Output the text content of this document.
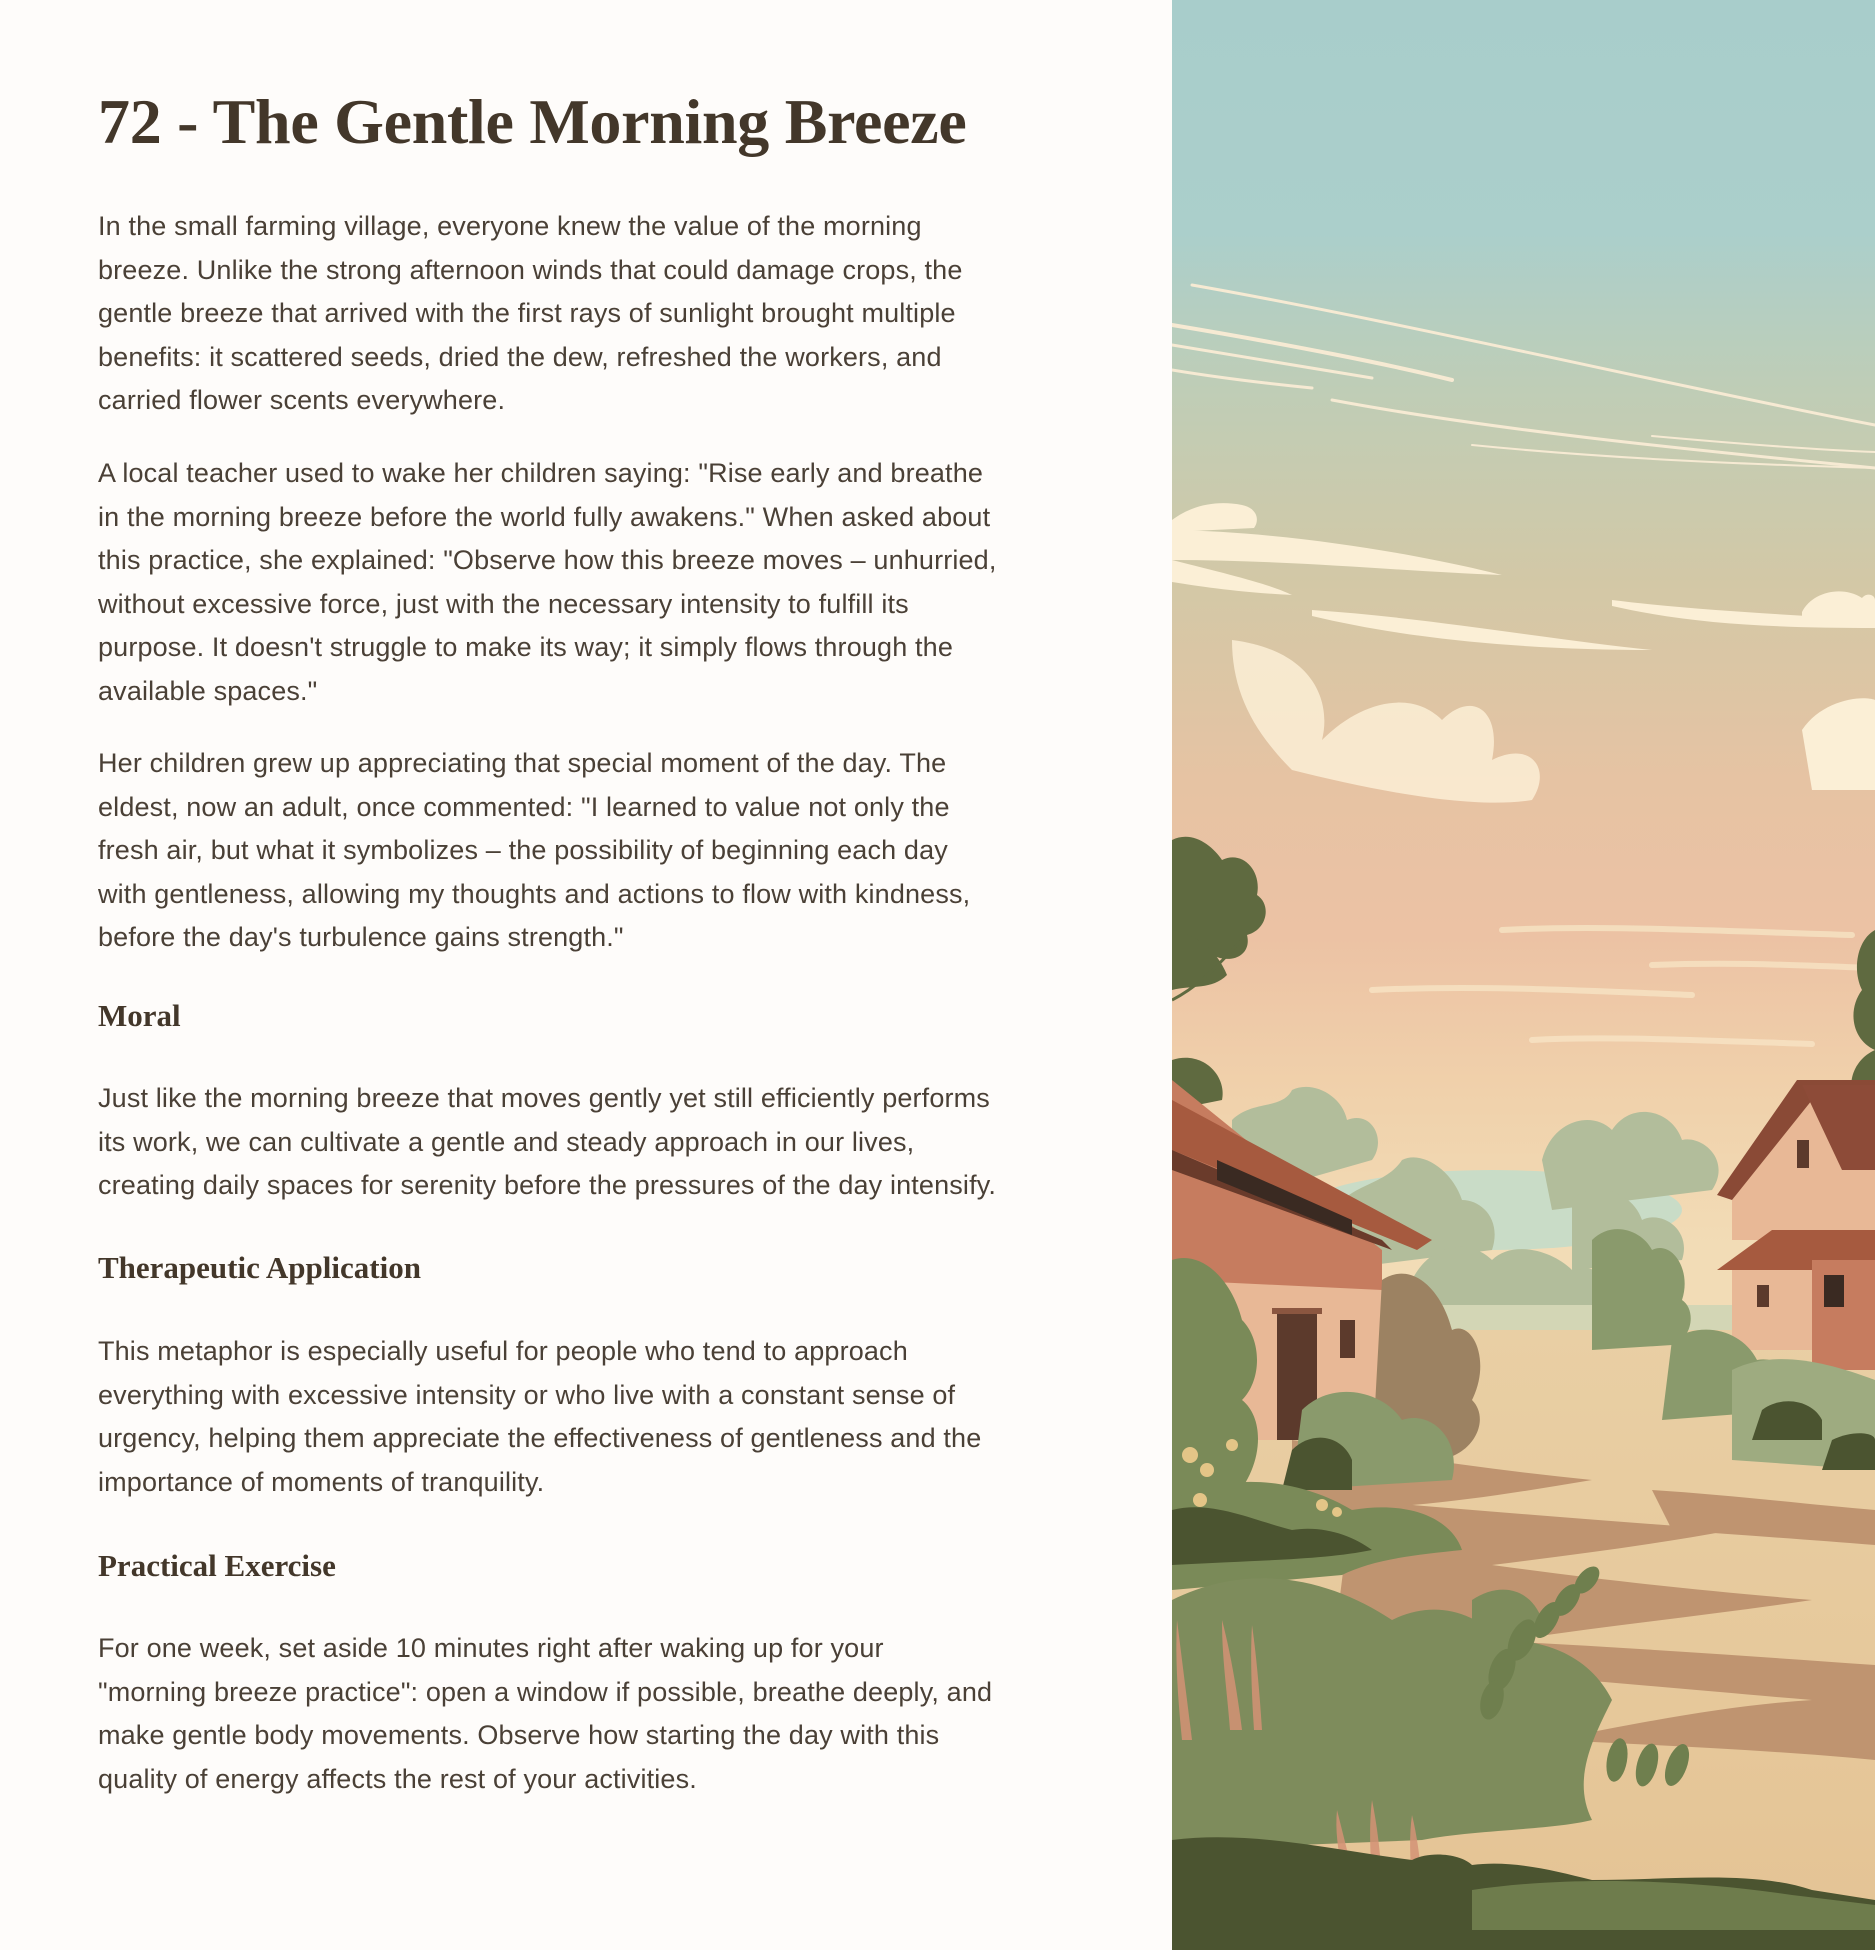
72 - The Gentle Morning Breeze
In the small farming village, everyone knew the value of the morning
breeze. Unlike the strong afternoon winds that could damage crops, the
gentle breeze that arrived with the first rays of sunlight brought multiple
benefits: it scattered seeds, dried the dew, refreshed the workers, and
carried flower scents everywhere.
A local teacher used to wake her children saying: "Rise early and breathe
in the morning breeze before the world fully awakens." When asked about
this practice, she explained: "Observe how this breeze moves – unhurried,
without excessive force, just with the necessary intensity to fulfill its
purpose. It doesn't struggle to make its way; it simply flows through the
available spaces."
Her children grew up appreciating that special moment of the day. The
eldest, now an adult, once commented: "I learned to value not only the
fresh air, but what it symbolizes – the possibility of beginning each day
with gentleness, allowing my thoughts and actions to flow with kindness,
before the day's turbulence gains strength."
Moral
Just like the morning breeze that moves gently yet still efficiently performs
its work, we can cultivate a gentle and steady approach in our lives,
creating daily spaces for serenity before the pressures of the day intensify.
Therapeutic Application
This metaphor is especially useful for people who tend to approach
everything with excessive intensity or who live with a constant sense of
urgency, helping them appreciate the effectiveness of gentleness and the
importance of moments of tranquility.
Practical Exercise
For one week, set aside 10 minutes right after waking up for your
"morning breeze practice": open a window if possible, breathe deeply, and
make gentle body movements. Observe how starting the day with this
quality of energy affects the rest of your activities.
